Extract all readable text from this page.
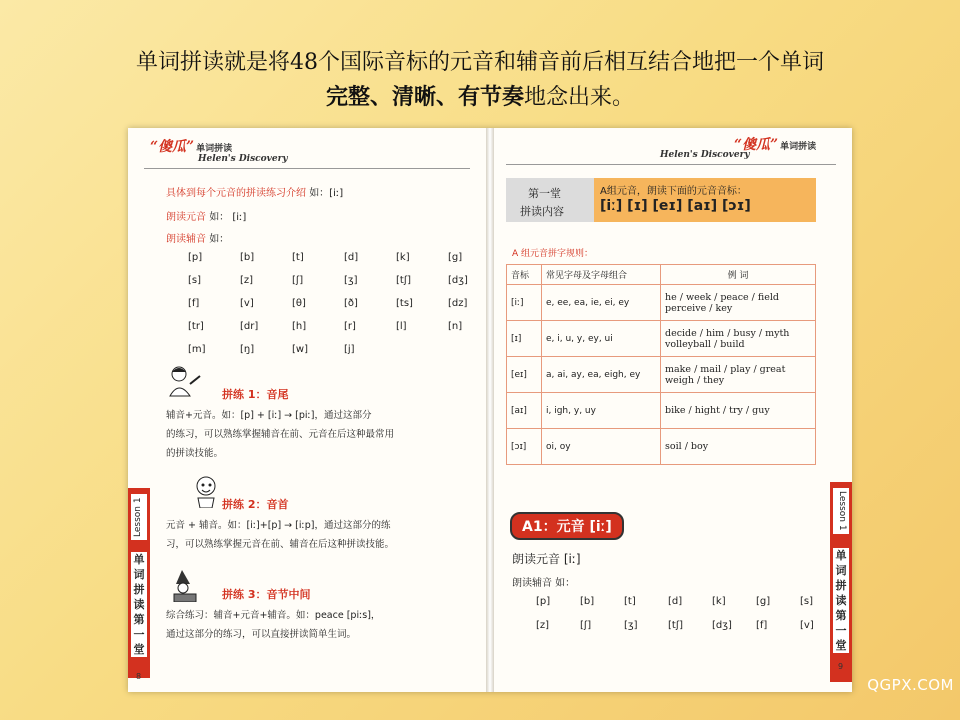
单词拼读就是将48个国际音标的元音和辅音前后相互结合地把一个单词
完整、清晰、有节奏地念出来。
“傻瓜” 单词拼读
Helen's Discovery
具体到每个元音的拼读练习介绍 如：[iː]
朗读元音 如： [iː]
朗读辅音 如：
[p]	[b]	[t]	[d]	[k]	[g]
[s]	[z]	[ʃ]	[ʒ]	[tʃ]	[dʒ]
[f]	[v]	[θ]	[ð]	[ts]	[dz]
[tr]	[dr]	[h]	[r]	[l]	[n]
[m]	[ŋ]	[w]	[j]
拼练 1：音尾
辅音+元音。如：[p] + [iː] → [piː]，通过这部分
的练习，可以熟练掌握辅音在前、元音在后这种最常用
的拼读技能。
拼练 2：音首
元音 + 辅音。如：[iː]+[p] → [iːp]，通过这部分的练
习，可以熟练掌握元音在前、辅音在后这种拼读技能。
拼练 3：音节中间
综合练习：辅音+元音+辅音。如：peace [piːs]，
通过这部分的练习，可以直接拼读简单生词。
Lesson 1
单
词
拼
读
第
一
堂
8
“傻瓜” 单词拼读
Helen's Discovery
第一堂
拼读内容
A组元音，朗读下面的元音音标：
[iː] [ɪ] [eɪ] [aɪ] [ɔɪ]
A 组元音拼字规则：
音标	常见字母及字母组合	例 词
[iː]	e, ee, ea, ie, ei, ey	he / week / peace / field perceive / key
[ɪ]	e, i, u, y, ey, ui	decide / him / busy / myth volleyball / build
[eɪ]	a, ai, ay, ea, eigh, ey	make / mail / play / great weigh / they
[aɪ]	i, igh, y, uy	bike / hight / try / guy
[ɔɪ]	oi, oy	soil / boy
A1：元音 [iː]
朗读元音 [iː]
朗读辅音 如：
[p]	[b]	[t]	[d]	[k]	[g]	[s]
[z]	[ʃ]	[ʒ]	[tʃ]	[dʒ] [f]	[v]
Lesson 1
单
词
拼
读
第
一
堂
9
QGPX.COM
